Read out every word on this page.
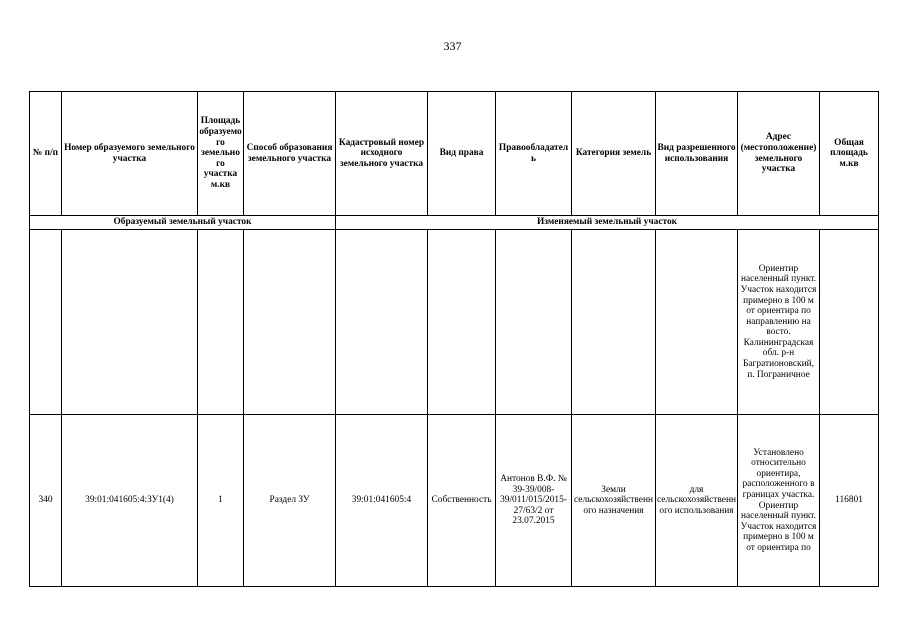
337
№ п/п	Номер образуемого земельного участка	Площадь образуемого земельного участка м.кв	Способ образования земельного участка	Кадастровый номер исходного земельного участка	Вид права	Правообладатель	Категория земель	Вид разрешенного использования	Адрес (местоположение) земельного участка	Общая площадь м.кв
Образуемый земельный участок				Изменяемый земельный участок						
									Ориентир населенный пункт. Участок находится примерно в 100 м от ориентира по направлению на восто. Калининградская обл. р-н Багратионовский, п. Пограничное	
340	39:01:041605:4:ЗУ1(4)	1	Раздел ЗУ	39:01:041605:4	Собственность	Антонов В.Ф. № 39-39/008-39/011/015/2015-27/63/2 от 23.07.2015	Земли сельскохозяйственного назначения	для сельскохозяйственного использования	Установлено относительно ориентира, расположенного в границах участка. Ориентир населенный пункт. Участок находится примерно в 100 м от ориентира по	116801
